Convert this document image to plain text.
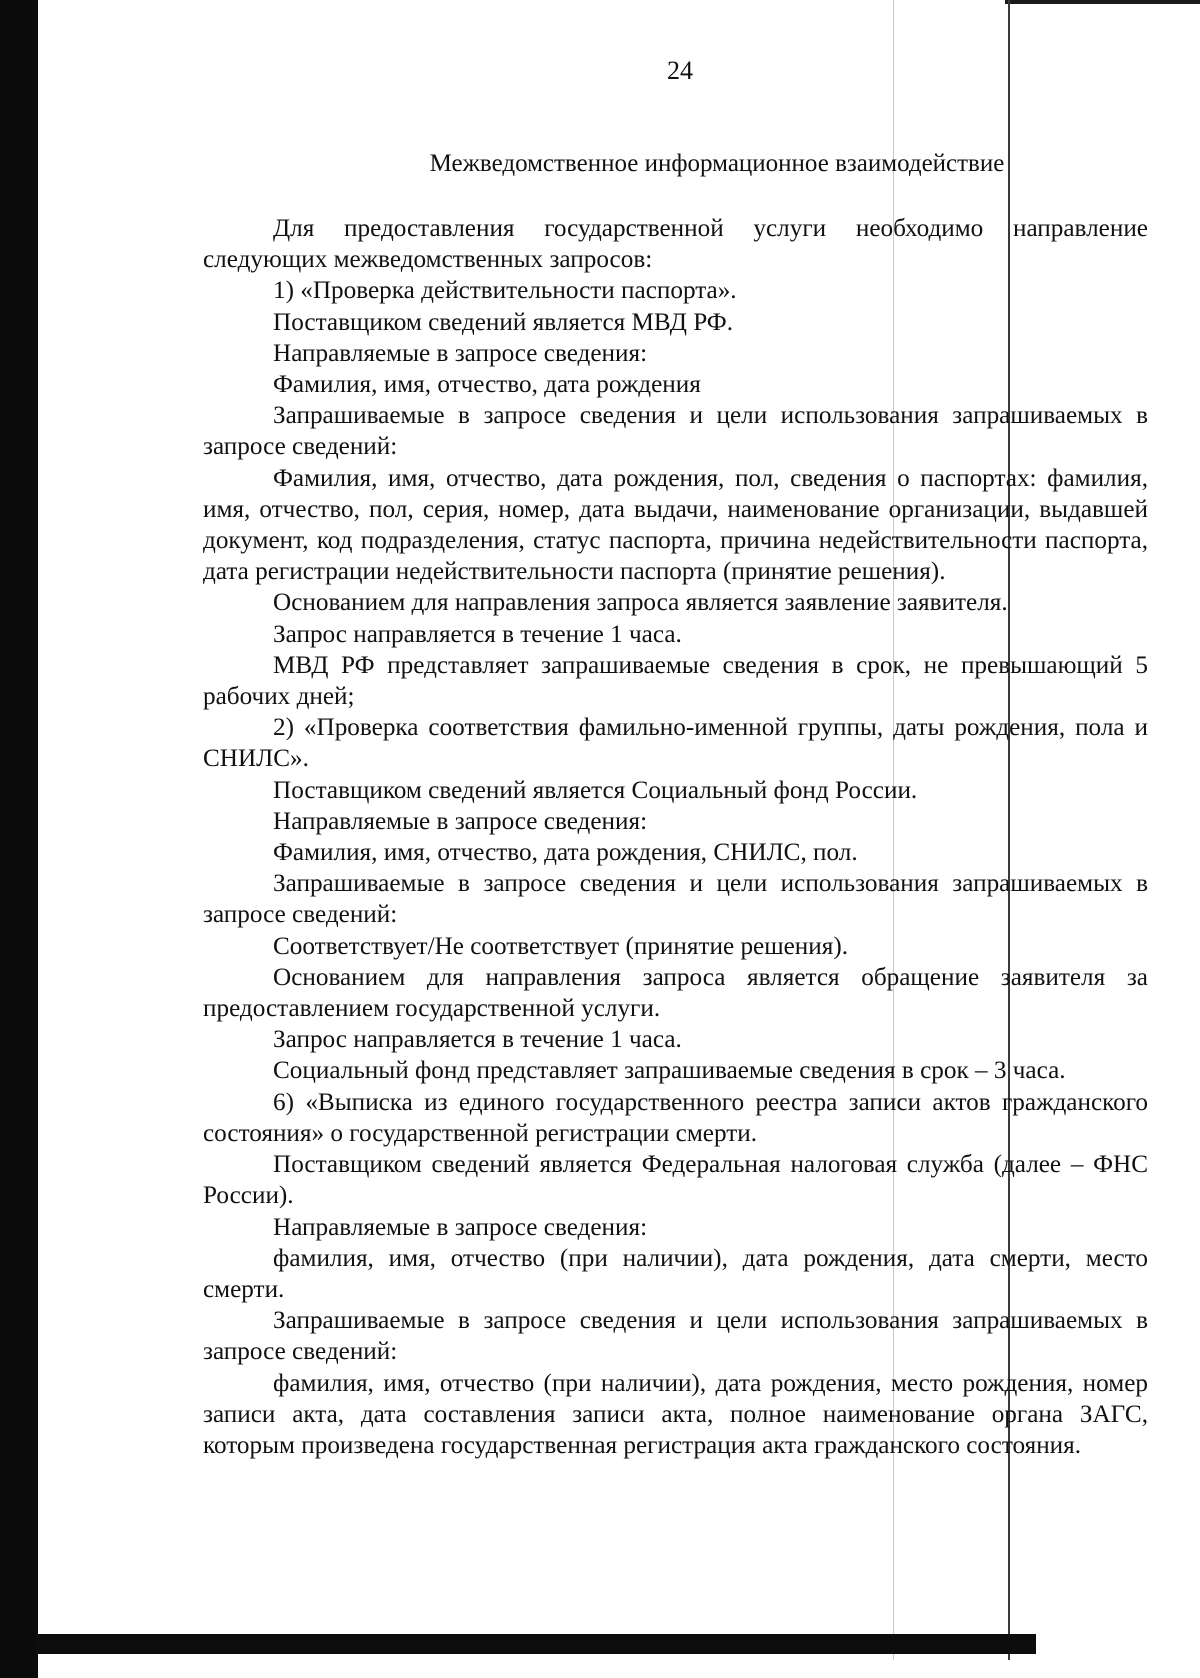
24
Межведомственное информационное взаимодействие

Для предоставления государственной услуги необходимо направление следующих межведомственных запросов:

1) «Проверка действительности паспорта».

Поставщиком сведений является МВД РФ.

Направляемые в запросе сведения:

Фамилия, имя, отчество, дата рождения

Запрашиваемые в запросе сведения и цели использования запрашиваемых в запросе сведений:

Фамилия, имя, отчество, дата рождения, пол, сведения о паспортах: фамилия, имя, отчество, пол, серия, номер, дата выдачи, наименование организации, выдавшей документ, код подразделения, статус паспорта, причина недействительности паспорта, дата регистрации недействительности паспорта (принятие решения).

Основанием для направления запроса является заявление заявителя.

Запрос направляется в течение 1 часа.

МВД РФ представляет запрашиваемые сведения в срок, не превышающий 5 рабочих дней;

2) «Проверка соответствия фамильно-именной группы, даты рождения, пола и СНИЛС».

Поставщиком сведений является Социальный фонд России.

Направляемые в запросе сведения:

Фамилия, имя, отчество, дата рождения, СНИЛС, пол.

Запрашиваемые в запросе сведения и цели использования запрашиваемых в запросе сведений:

Соответствует/Не соответствует (принятие решения).

Основанием для направления запроса является обращение заявителя за предоставлением государственной услуги.

Запрос направляется в течение 1 часа.

Социальный фонд представляет запрашиваемые сведения в срок – 3 часа.

6) «Выписка из единого государственного реестра записи актов гражданского состояния» о государственной регистрации смерти.

Поставщиком сведений является Федеральная налоговая служба (далее – ФНС России).

Направляемые в запросе сведения:

фамилия, имя, отчество (при наличии), дата рождения, дата смерти, место смерти.

Запрашиваемые в запросе сведения и цели использования запрашиваемых в запросе сведений:

фамилия, имя, отчество (при наличии), дата рождения, место рождения, номер записи акта, дата составления записи акта, полное наименование органа ЗАГС, которым произведена государственная регистрация акта гражданского состояния.
